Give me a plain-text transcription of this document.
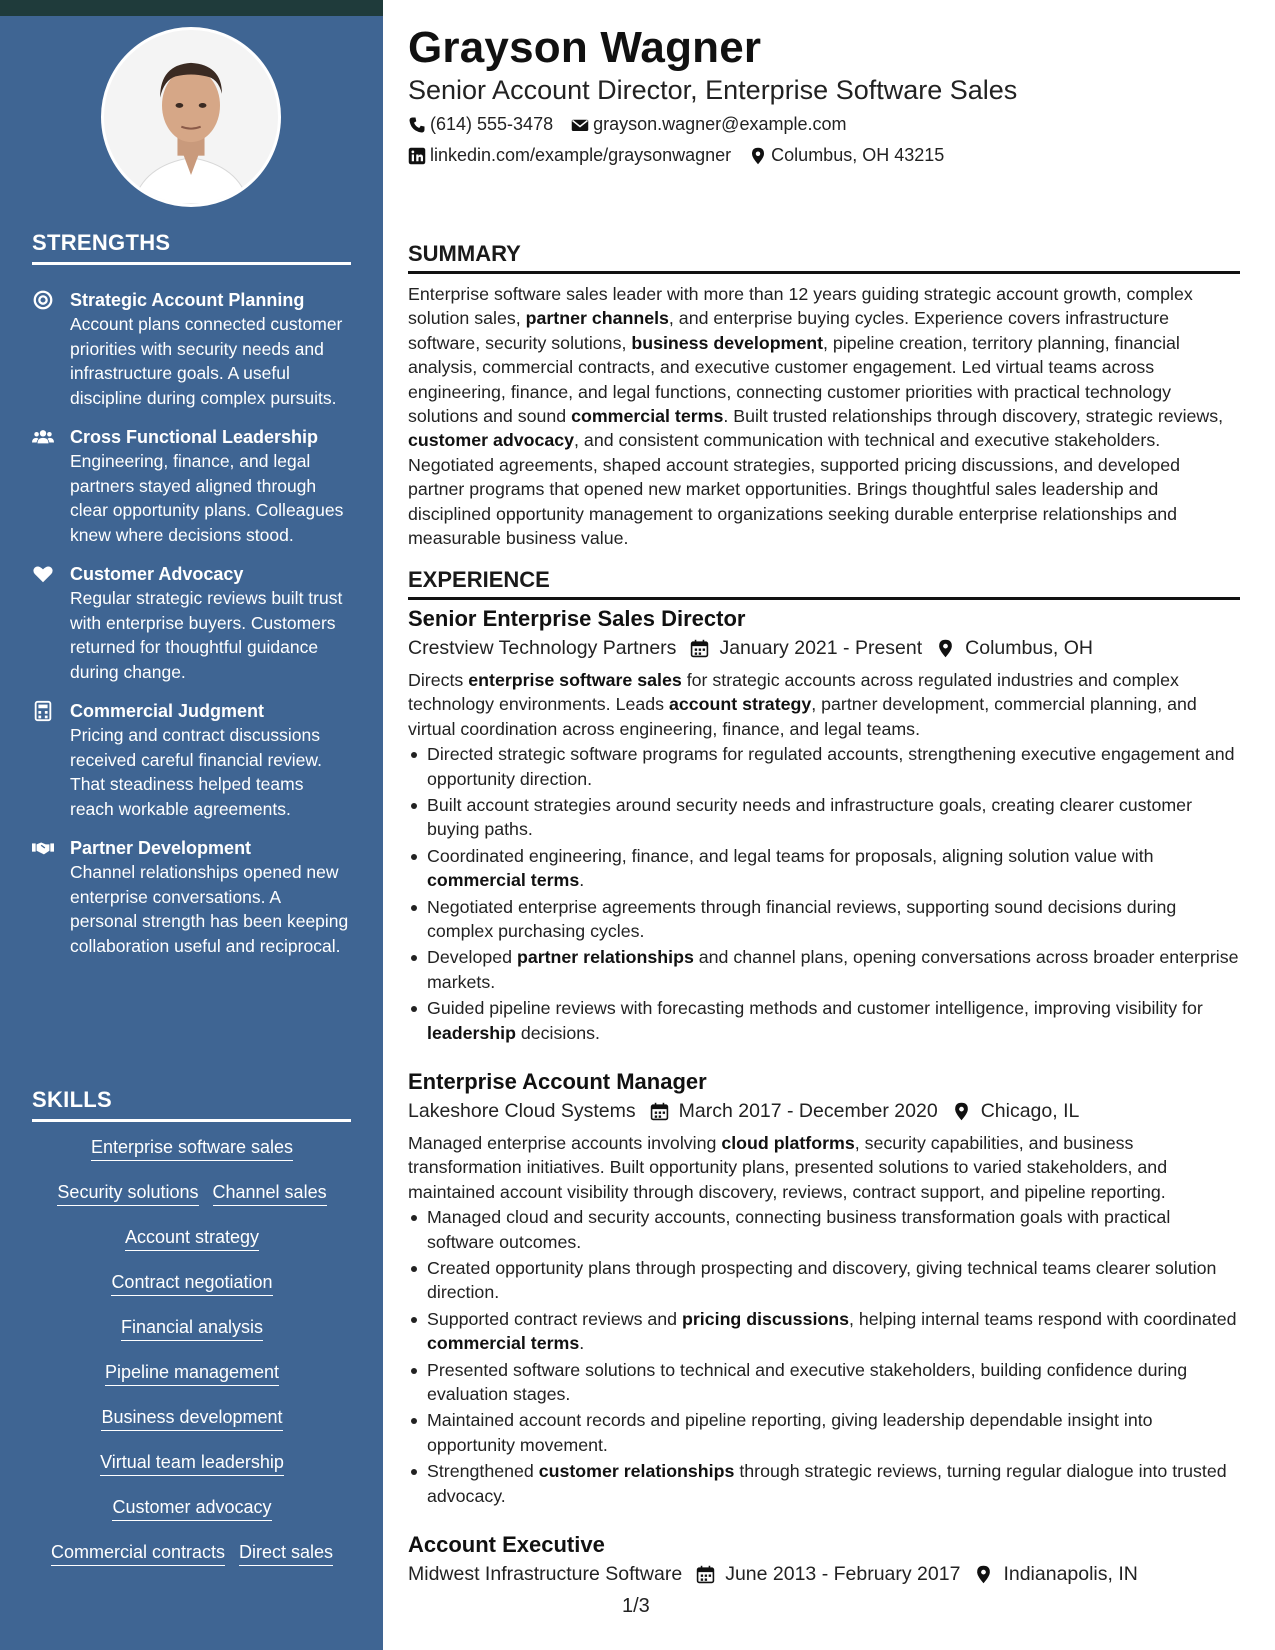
STRENGTHS
Strategic Account Planning
Account plans connected customer priorities with security needs and infrastructure goals. A useful discipline during complex pursuits.
Cross Functional Leadership
Engineering, finance, and legal partners stayed aligned through clear opportunity plans. Colleagues knew where decisions stood.
Customer Advocacy
Regular strategic reviews built trust with enterprise buyers. Customers returned for thoughtful guidance during change.
Commercial Judgment
Pricing and contract discussions received careful financial review. That steadiness helped teams reach workable agreements.
Partner Development
Channel relationships opened new enterprise conversations. A personal strength has been keeping collaboration useful and reciprocal.
SKILLS
Enterprise software sales
Security solutions Channel sales
Account strategy
Contract negotiation
Financial analysis
Pipeline management
Business development
Virtual team leadership
Customer advocacy
Commercial contracts Direct sales
Grayson Wagner
Senior Account Director, Enterprise Software Sales
(614) 555-3478 grayson.wagner@example.com
linkedin.com/example/graysonwagner Columbus, OH 43215
SUMMARY
Enterprise software sales leader with more than 12 years guiding strategic account growth, complex solution sales, partner channels, and enterprise buying cycles. Experience covers infrastructure software, security solutions, business development, pipeline creation, territory planning, financial analysis, commercial contracts, and executive customer engagement. Led virtual teams across engineering, finance, and legal functions, connecting customer priorities with practical technology solutions and sound commercial terms. Built trusted relationships through discovery, strategic reviews, customer advocacy, and consistent communication with technical and executive stakeholders. Negotiated agreements, shaped account strategies, supported pricing discussions, and developed partner programs that opened new market opportunities. Brings thoughtful sales leadership and disciplined opportunity management to organizations seeking durable enterprise relationships and measurable business value.
EXPERIENCE
Senior Enterprise Sales Director
Crestview Technology Partners January 2021 - Present Columbus, OH
Directs enterprise software sales for strategic accounts across regulated industries and complex technology environments. Leads account strategy, partner development, commercial planning, and virtual coordination across engineering, finance, and legal teams.
Directed strategic software programs for regulated accounts, strengthening executive engagement and opportunity direction.
Built account strategies around security needs and infrastructure goals, creating clearer customer buying paths.
Coordinated engineering, finance, and legal teams for proposals, aligning solution value with commercial terms.
Negotiated enterprise agreements through financial reviews, supporting sound decisions during complex purchasing cycles.
Developed partner relationships and channel plans, opening conversations across broader enterprise markets.
Guided pipeline reviews with forecasting methods and customer intelligence, improving visibility for leadership decisions.
Enterprise Account Manager
Lakeshore Cloud Systems March 2017 - December 2020 Chicago, IL
Managed enterprise accounts involving cloud platforms, security capabilities, and business transformation initiatives. Built opportunity plans, presented solutions to varied stakeholders, and maintained account visibility through discovery, reviews, contract support, and pipeline reporting.
Managed cloud and security accounts, connecting business transformation goals with practical software outcomes.
Created opportunity plans through prospecting and discovery, giving technical teams clearer solution direction.
Supported contract reviews and pricing discussions, helping internal teams respond with coordinated commercial terms.
Presented software solutions to technical and executive stakeholders, building confidence during evaluation stages.
Maintained account records and pipeline reporting, giving leadership dependable insight into opportunity movement.
Strengthened customer relationships through strategic reviews, turning regular dialogue into trusted advocacy.
Account Executive
Midwest Infrastructure Software June 2013 - February 2017 Indianapolis, IN
1/3
